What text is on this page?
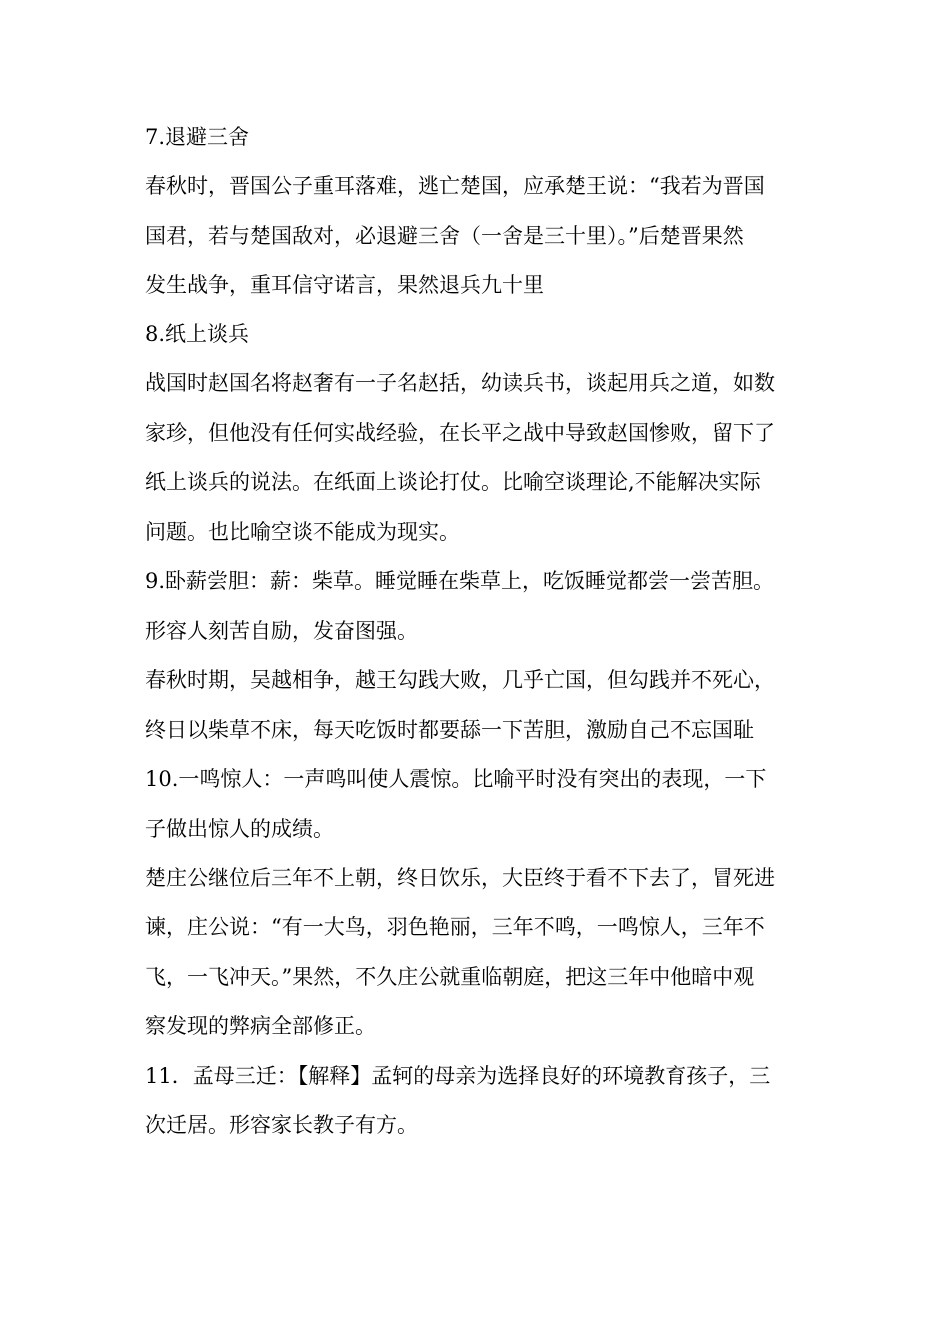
7.退避三舍
春秋时，晋国公子重耳落难，逃亡楚国，应承楚王说：“我若为晋国
国君，若与楚国敌对，必退避三舍（一舍是三十里）。”后楚晋果然
发生战争，重耳信守诺言，果然退兵九十里
8.纸上谈兵
战国时赵国名将赵奢有一子名赵括，幼读兵书，谈起用兵之道，如数
家珍，但他没有任何实战经验，在长平之战中导致赵国惨败，留下了
纸上谈兵的说法。在纸面上谈论打仗。比喻空谈理论,不能解决实际
问题。也比喻空谈不能成为现实。
9.卧薪尝胆：薪：柴草。睡觉睡在柴草上，吃饭睡觉都尝一尝苦胆。
形容人刻苦自励，发奋图强。
春秋时期，吴越相争，越王勾践大败，几乎亡国，但勾践并不死心，
终日以柴草不床，每天吃饭时都要舔一下苦胆，激励自己不忘国耻
10.一鸣惊人：一声鸣叫使人震惊。比喻平时没有突出的表现，一下
子做出惊人的成绩。
楚庄公继位后三年不上朝，终日饮乐，大臣终于看不下去了，冒死进
谏，庄公说：“有一大鸟，羽色艳丽，三年不鸣，一鸣惊人，三年不
飞，一飞冲天。”果然，不久庄公就重临朝庭，把这三年中他暗中观
察发现的弊病全部修正。
11．孟母三迁：【解释】孟轲的母亲为选择良好的环境教育孩子，三
次迁居。形容家长教子有方。
